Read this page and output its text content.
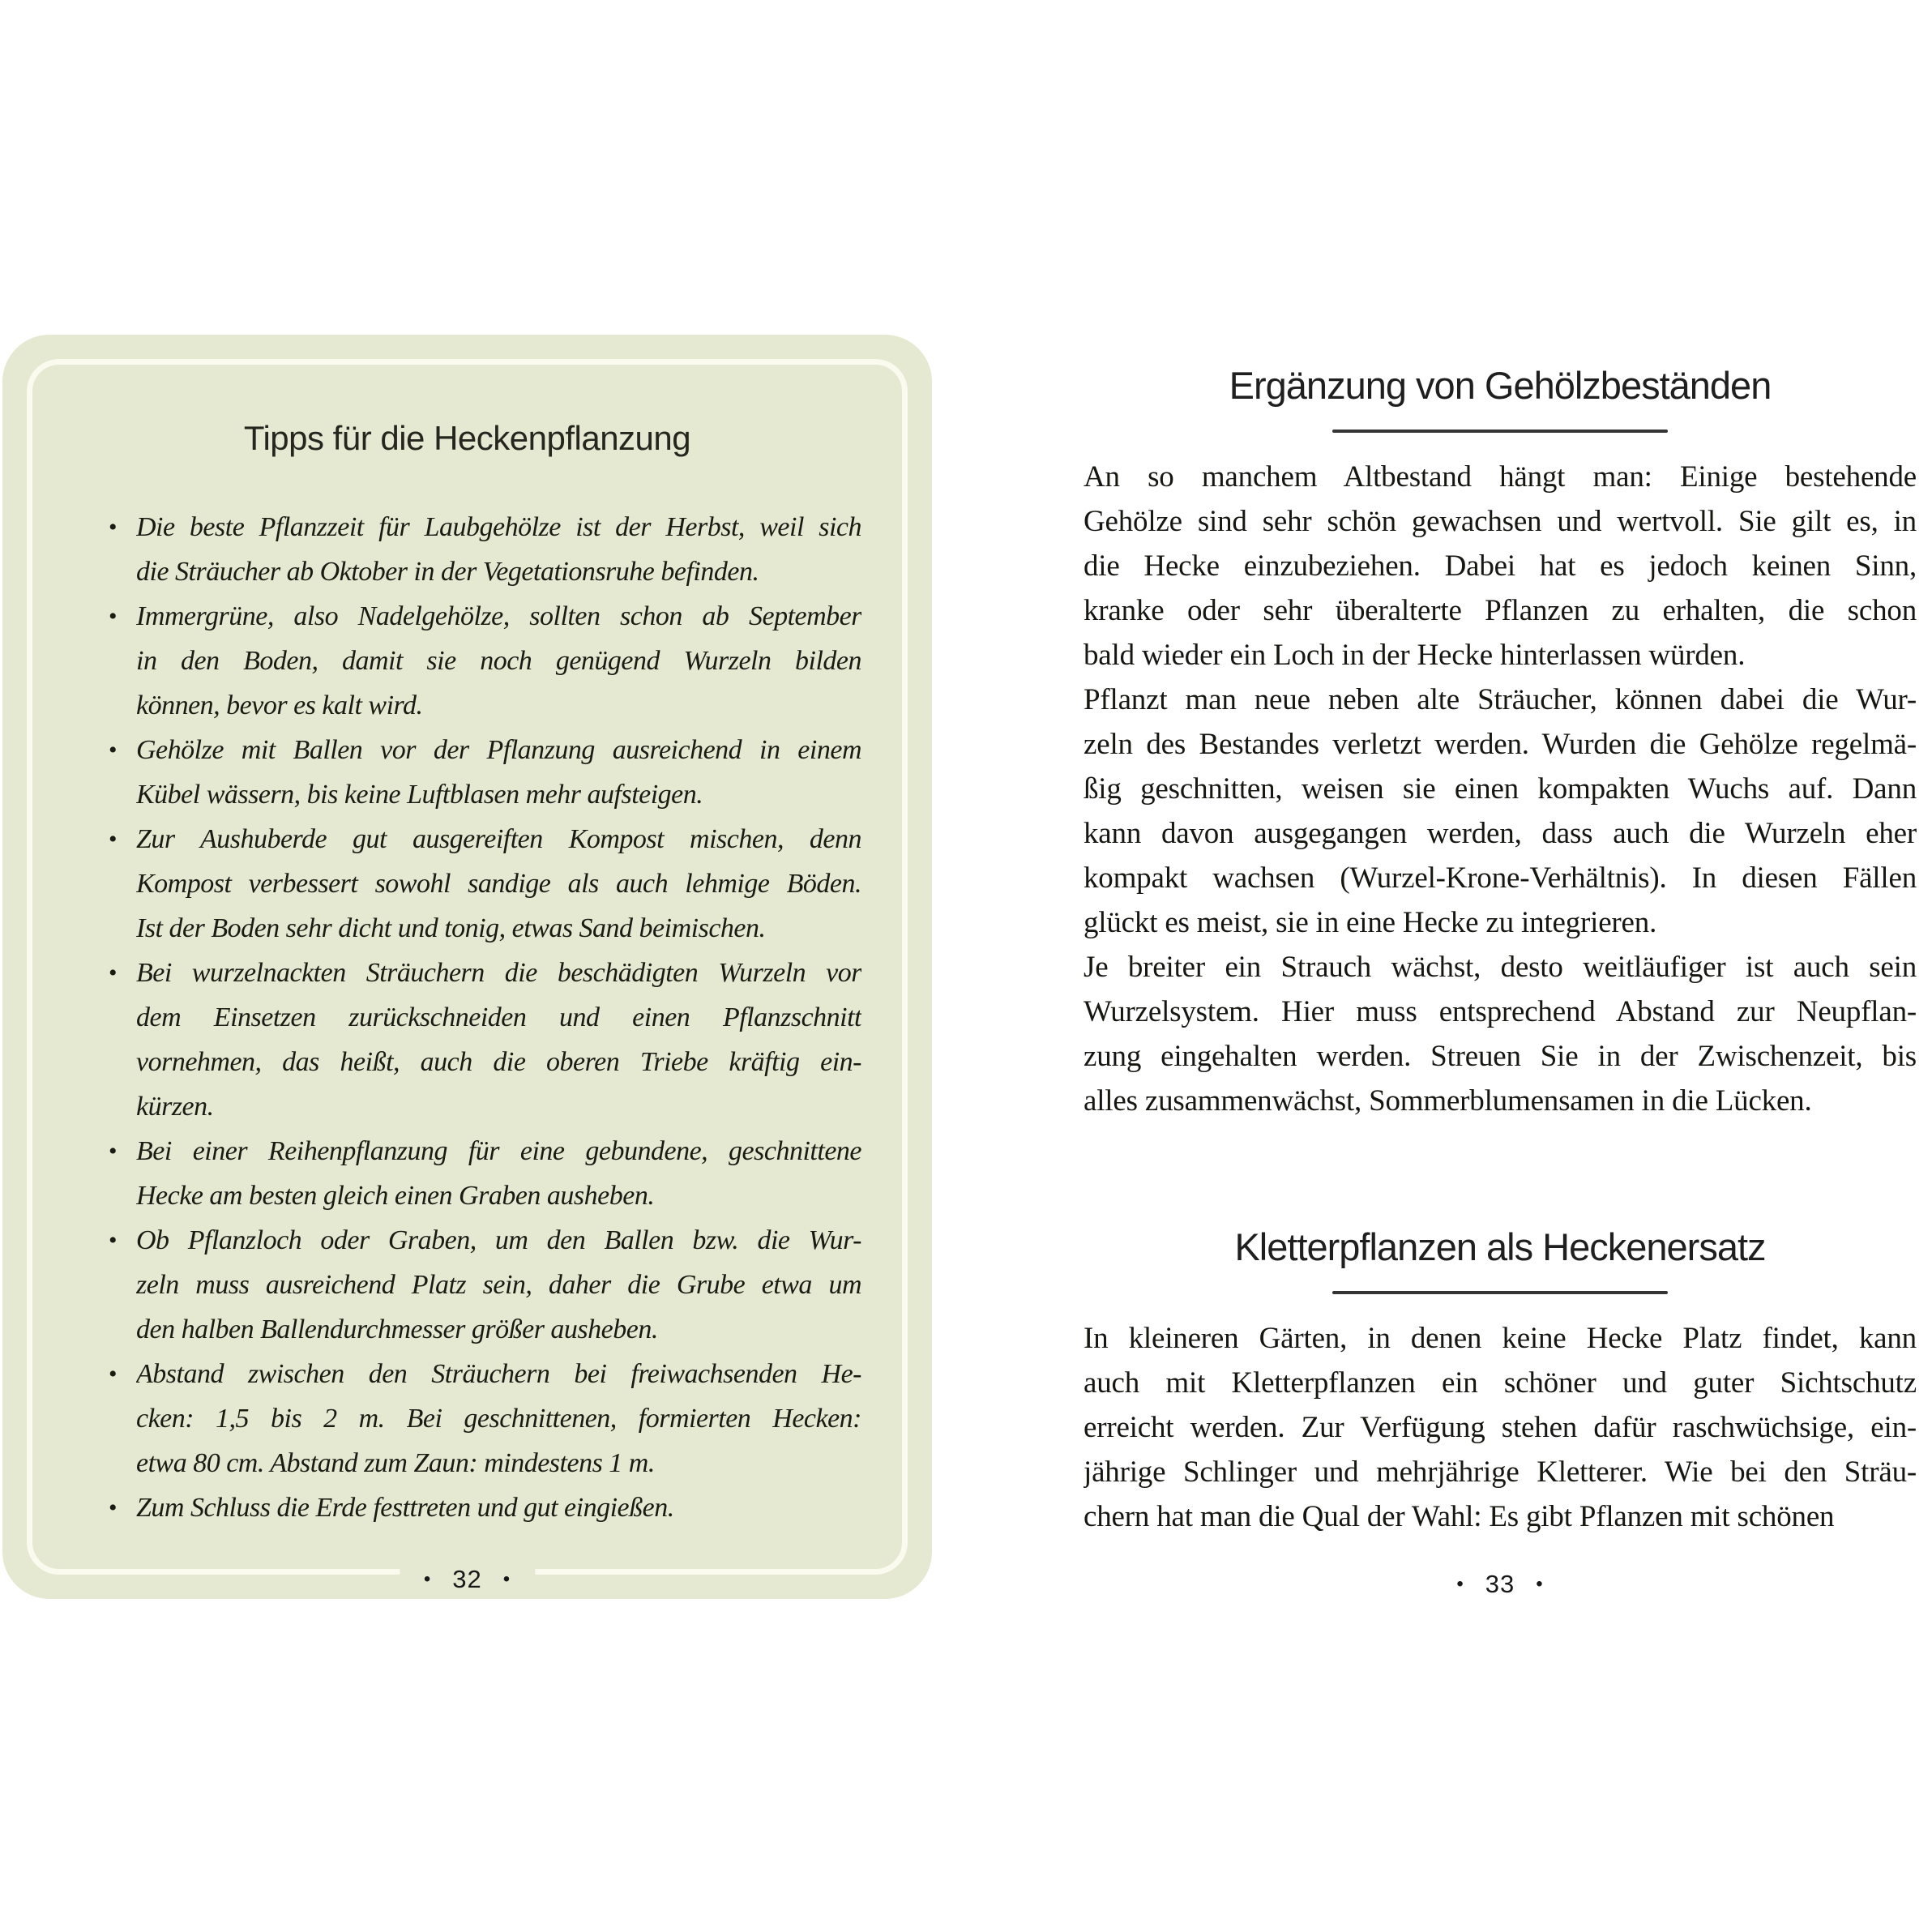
Tipps für die Heckenpflanzung
• Die beste Pflanzzeit für Laubgehölze ist der Herbst, weil sich
die Sträucher ab Oktober in der Vegetationsruhe befinden.
• Immergrüne, also Nadelgehölze, sollten schon ab September
in den Boden, damit sie noch genügend Wurzeln bilden
können, bevor es kalt wird.
• Gehölze mit Ballen vor der Pflanzung ausreichend in einem
Kübel wässern, bis keine Luftblasen mehr aufsteigen.
• Zur Aushuberde gut ausgereiften Kompost mischen, denn
Kompost verbessert sowohl sandige als auch lehmige Böden.
Ist der Boden sehr dicht und tonig, etwas Sand beimischen.
• Bei wurzelnackten Sträuchern die beschädigten Wurzeln vor
dem Einsetzen zurückschneiden und einen Pflanzschnitt
vornehmen, das heißt, auch die oberen Triebe kräftig ein-
kürzen.
• Bei einer Reihenpflanzung für eine gebundene, geschnittene
Hecke am besten gleich einen Graben ausheben.
• Ob Pflanzloch oder Graben, um den Ballen bzw. die Wur-
zeln muss ausreichend Platz sein, daher die Grube etwa um
den halben Ballendurchmesser größer ausheben.
• Abstand zwischen den Sträuchern bei freiwachsenden He-
cken: 1,5 bis 2 m. Bei geschnittenen, formierten Hecken:
etwa 80 cm. Abstand zum Zaun: mindestens 1 m.
• Zum Schluss die Erde festtreten und gut eingießen.
• 32 •
Ergänzung von Gehölzbeständen
An so manchem Altbestand hängt man: Einige bestehende
Gehölze sind sehr schön gewachsen und wertvoll. Sie gilt es, in
die Hecke einzubeziehen. Dabei hat es jedoch keinen Sinn,
kranke oder sehr überalterte Pflanzen zu erhalten, die schon
bald wieder ein Loch in der Hecke hinterlassen würden.
Pflanzt man neue neben alte Sträucher, können dabei die Wur-
zeln des Bestandes verletzt werden. Wurden die Gehölze regelmä-
ßig geschnitten, weisen sie einen kompakten Wuchs auf. Dann
kann davon ausgegangen werden, dass auch die Wurzeln eher
kompakt wachsen (Wurzel-Krone-Verhältnis). In diesen Fällen
glückt es meist, sie in eine Hecke zu integrieren.
Je breiter ein Strauch wächst, desto weitläufiger ist auch sein
Wurzelsystem. Hier muss entsprechend Abstand zur Neupflan-
zung eingehalten werden. Streuen Sie in der Zwischenzeit, bis
alles zusammenwächst, Sommerblumensamen in die Lücken.
Kletterpflanzen als Heckenersatz
In kleineren Gärten, in denen keine Hecke Platz findet, kann
auch mit Kletterpflanzen ein schöner und guter Sichtschutz
erreicht werden. Zur Verfügung stehen dafür raschwüchsige, ein-
jährige Schlinger und mehrjährige Kletterer. Wie bei den Sträu-
chern hat man die Qual der Wahl: Es gibt Pflanzen mit schönen
• 33 •
